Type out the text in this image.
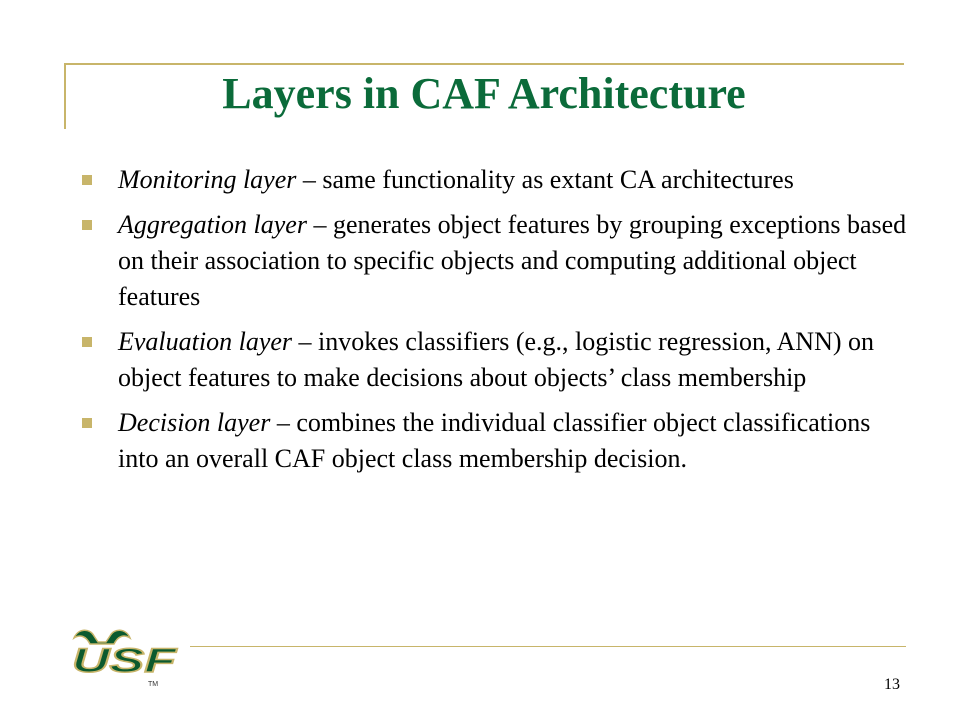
Layers in CAF Architecture
Monitoring layer – same functionality as extant CA architectures
Aggregation layer – generates object features by grouping exceptions based on their association to specific objects and computing additional object features
Evaluation layer – invokes classifiers (e.g., logistic regression, ANN) on object features to make decisions about objects’ class membership
Decision layer – combines the individual classifier object classifications into an overall CAF object class membership decision.
USF
TM	13
